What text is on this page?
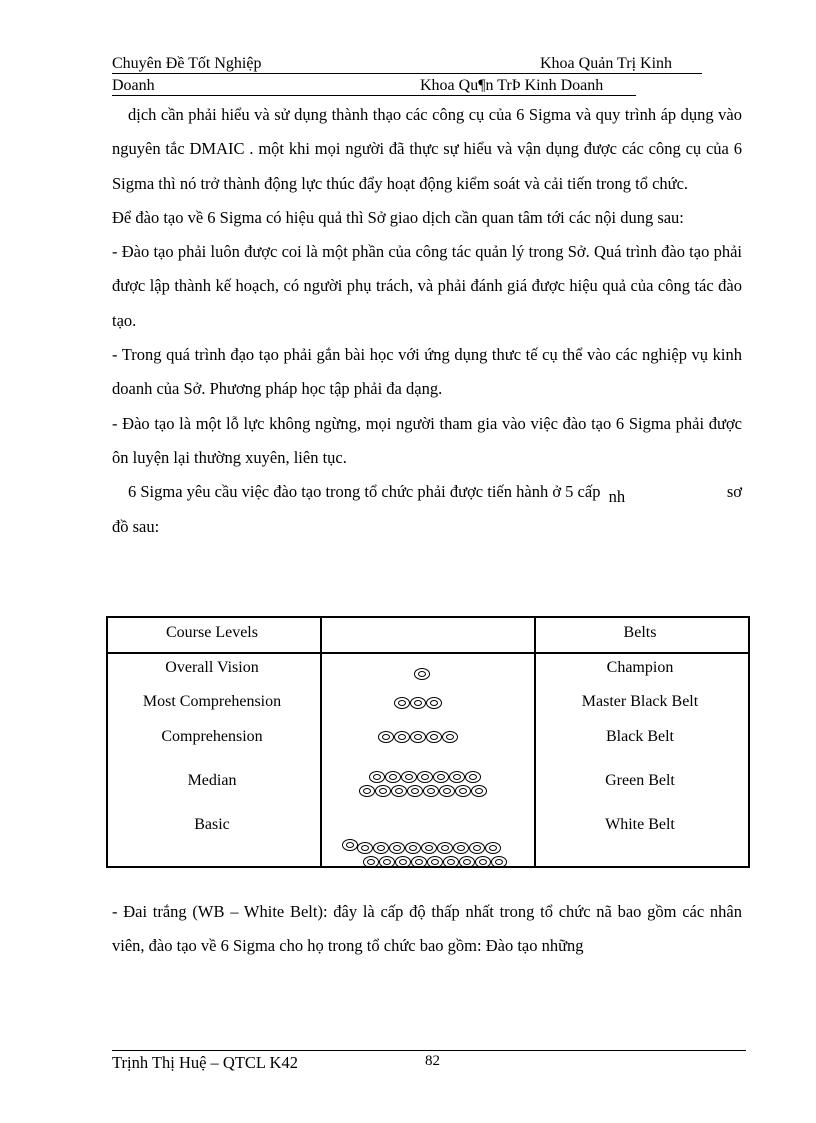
Chuyên Đề Tốt Nghiệp	Khoa Quản Trị Kinh
Doanh	Khoa Qu¶n TrÞ Kinh Doanh

dịch cần phải hiểu và sử dụng thành thạo các công cụ của 6 Sigma và quy trình áp dụng vào nguyên tắc DMAIC . một khi mọi người đã thực sự hiểu và vận dụng được các công cụ của 6 Sigma thì nó trở thành động lực thúc đẩy hoạt động kiểm soát và cải tiến trong tổ chức.

Để đào tạo về 6 Sigma có hiệu quả thì Sở giao dịch cần quan tâm tới các nội dung sau:

- Đào tạo phải luôn được coi là một phần của công tác quản lý trong Sở. Quá trình đào tạo phải được lập thành kế hoạch, có người phụ trách, và phải đánh giá được hiệu quả của công tác đào tạo.

- Trong quá trình đạo tạo phải gắn bài học với ứng dụng thưc tế cụ thể vào các nghiệp vụ kinh doanh của Sở. Phương pháp học tập phải đa dạng.

- Đào tạo là một lỗ lực không ngừng, mọi người tham gia vào việc đào tạo 6 Sigma phải được ôn luyện lại thường xuyên, liên tục.

6 Sigma yêu cầu việc đào tạo trong tổ chức phải được tiến hành ở 5 cấp nh	sơ

đồ sau:

Course Levels	Belts
Overall Vision	Champion
Most Comprehension	Master Black Belt
Comprehension	Black Belt
Median	Green Belt
Basic	White Belt

- Đai trắng (WB – White Belt): đây là cấp độ thấp nhất trong tổ chức nã bao gồm các nhân viên, đào tạo về 6 Sigma cho họ trong tổ chức bao gồm: Đào tạo những

Trịnh Thị Huệ – QTCL K42	82
